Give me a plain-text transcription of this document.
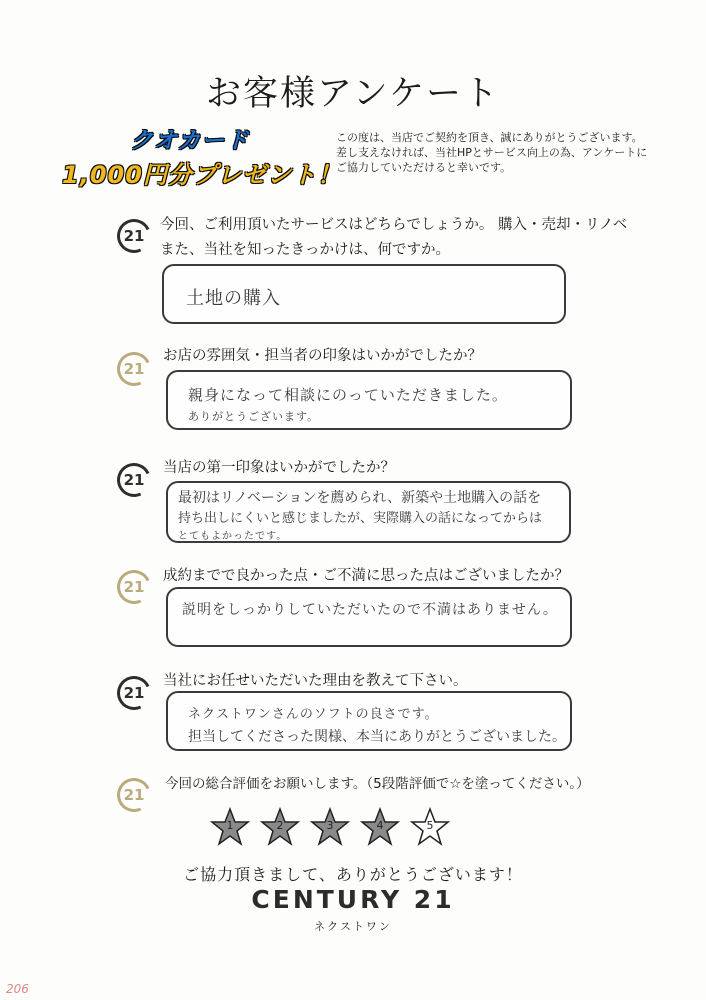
お客様アンケート
クオカード
1,000円分プレゼント！
この度は、当店でご契約を頂き、誠にありがとうございます。
差し支えなければ、当社HPとサービス向上の為、アンケートに
ご協力していただけると幸いです。
21
今回、ご利用頂いたサービスはどちらでしょうか。 購入・売却・リノベ
また、当社を知ったきっかけは、何ですか。
土地の購入
21
お店の雰囲気・担当者の印象はいかがでしたか？
親身になって相談にのっていただきました。
ありがとうございます。
21
当店の第一印象はいかがでしたか？
最初はリノベーションを薦められ、新築や土地購入の話を
持ち出しにくいと感じましたが、実際購入の話になってからは
とてもよかったです。
21
成約までで良かった点・ご不満に思った点はございましたか？
説明をしっかりしていただいたので不満はありません。
21
当社にお任せいただいた理由を教えて下さい。
ネクストワンさんのソフトの良さです。
担当してくださった関様、本当にありがとうございました。
21
今回の総合評価をお願いします。（5段階評価で☆を塗ってください。）
1	2	3	4	5
ご協力頂きまして、ありがとうございます！
CENTURY 21
ネクストワン
206
